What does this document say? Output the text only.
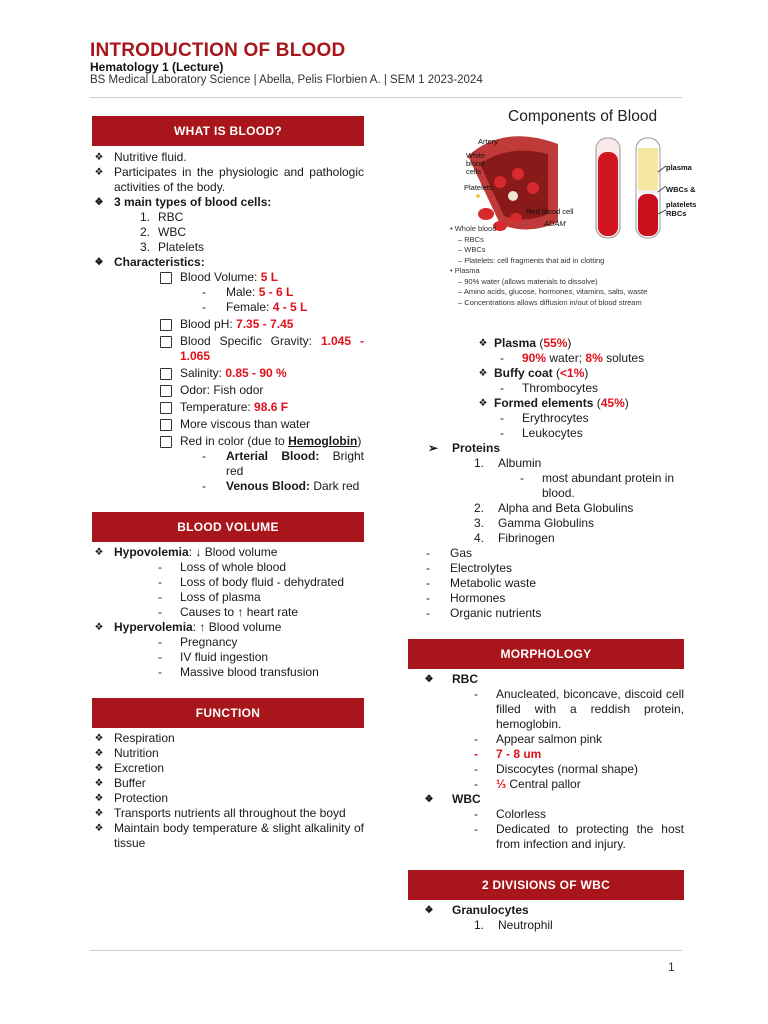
INTRODUCTION OF BLOOD
Hematology 1 (Lecture)
BS Medical Laboratory Science | Abella, Pelis Florbien A. | SEM 1 2023-2024
WHAT IS BLOOD?
❖ Nutritive fluid.
❖ Participates in the physiologic and pathologic activities of the body.
❖ 3 main types of blood cells:
1. RBC
2. WBC
3. Platelets
❖ Characteristics:
Blood Volume: 5 L
- Male: 5 - 6 L
- Female: 4 - 5 L
Blood pH: 7.35 - 7.45
Blood Specific Gravity: 1.045 - 1.065
Salinity: 0.85 - 90 %
Odor: Fish odor
Temperature: 98.6 F
More viscous than water
Red in color (due to Hemoglobin)
- Arterial Blood: Bright red
- Venous Blood: Dark red
BLOOD VOLUME
❖ Hypovolemia: ↓ Blood volume
- Loss of whole blood
- Loss of body fluid - dehydrated
- Loss of plasma
- Causes to ↑ heart rate
❖ Hypervolemia: ↑ Blood volume
- Pregnancy
- IV fluid ingestion
- Massive blood transfusion
FUNCTION
❖ Respiration
❖ Nutrition
❖ Excretion
❖ Buffer
❖ Protection
❖ Transports nutrients all throughout the boyd
❖ Maintain body temperature & slight alkalinity of tissue
Components of Blood
Artery
White blood cells
Platelets
Red blood cell
ADAM
plasma
WBCs & platelets
RBCs
• Whole blood
– RBCs
– WBCs
– Platelets: cell fragments that aid in clotting
• Plasma
– 90% water (allows materials to dissolve)
– Amino acids, glucose, hormones, vitamins, salts, waste
– Concentrations allows diffusion in/out of blood stream
❖ Plasma (55%)
- 90% water; 8% solutes
❖ Buffy coat (<1%)
- Thrombocytes
❖ Formed elements (45%)
- Erythrocytes
- Leukocytes
➢ Proteins
1. Albumin
- most abundant protein in blood.
2. Alpha and Beta Globulins
3. Gamma Globulins
4. Fibrinogen
- Gas
- Electrolytes
- Metabolic waste
- Hormones
- Organic nutrients
MORPHOLOGY
❖ RBC
- Anucleated, biconcave, discoid cell filled with a reddish protein, hemoglobin.
- Appear salmon pink
- 7 - 8 um
- Discocytes (normal shape)
- ⅓ Central pallor
❖ WBC
- Colorless
- Dedicated to protecting the host from infection and injury.
2 DIVISIONS OF WBC
❖ Granulocytes
1. Neutrophil
1
